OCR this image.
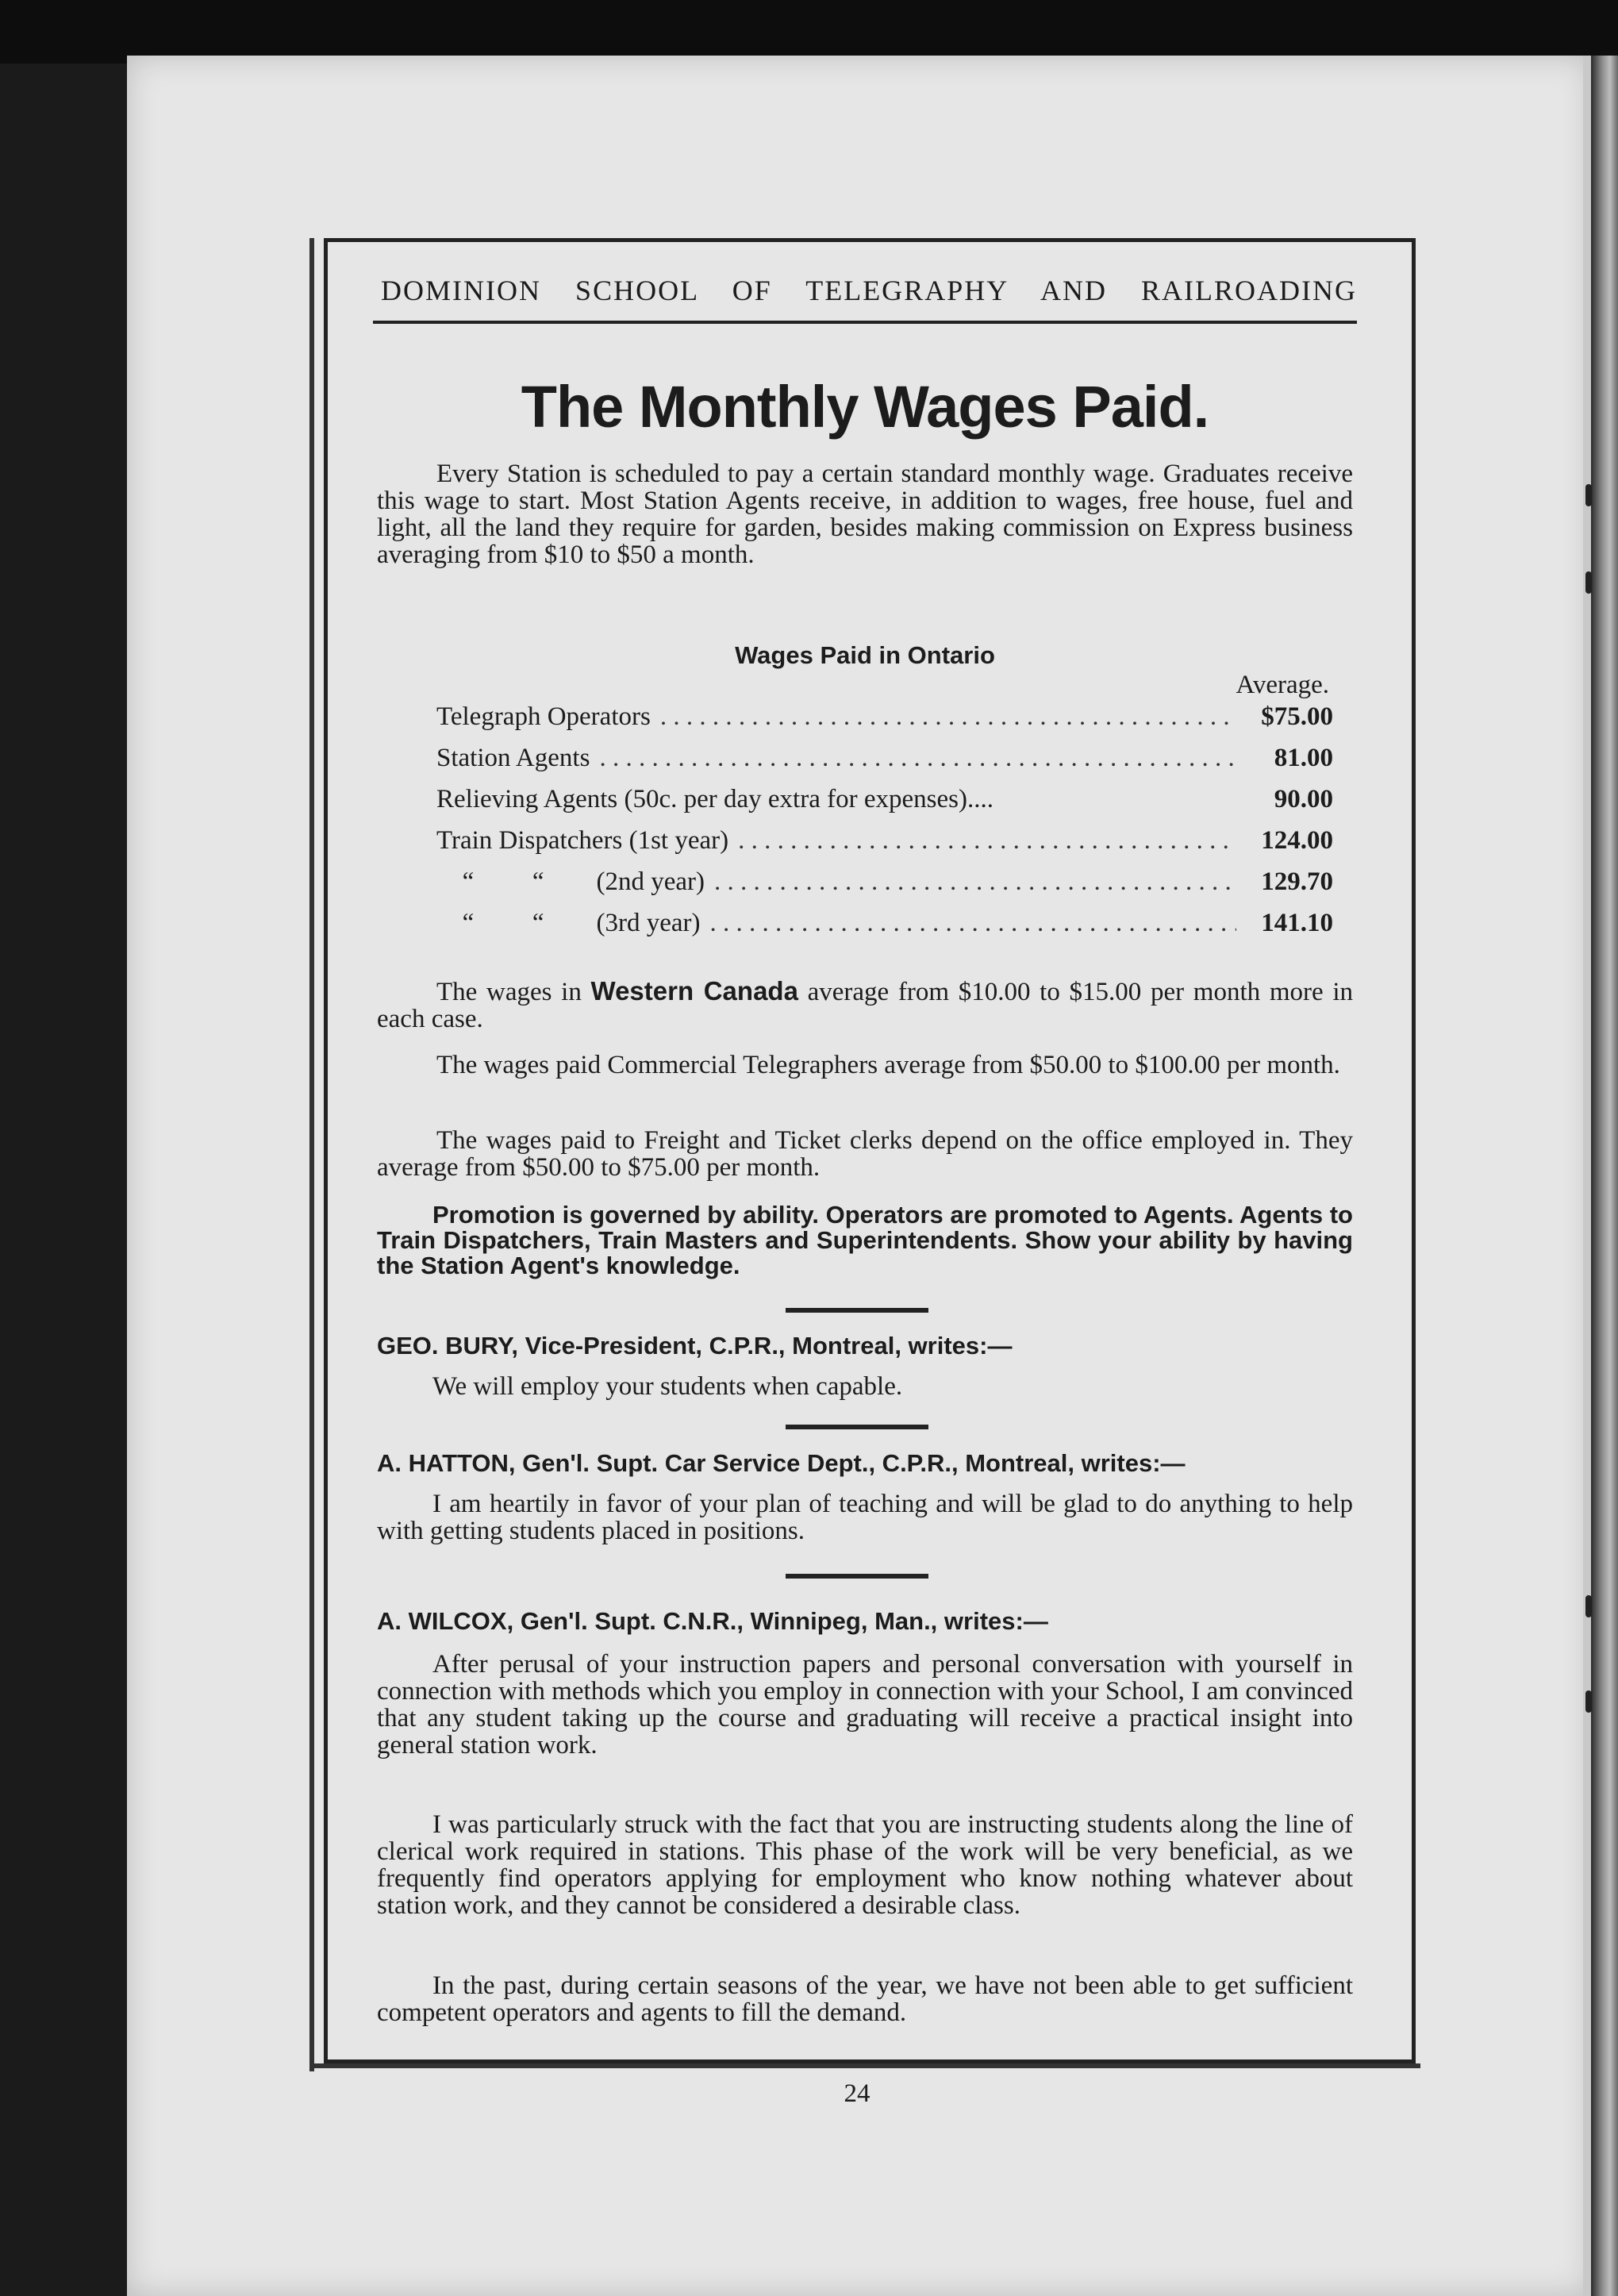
DOMINION SCHOOL OF TELEGRAPHY AND RAILROADING
The Monthly Wages Paid.
Every Station is scheduled to pay a certain standard monthly wage. Graduates receive this wage to start. Most Station Agents receive, in addition to wages, free house, fuel and light, all the land they require for garden, besides making commission on Express business averaging from $10 to $50 a month.
Wages Paid in Ontario
Average.
Telegraph Operators . . .	$75.00
Station Agents . . .	81.00
Relieving Agents (50c. per day extra for expenses)....	90.00
Train Dispatchers (1st year) . . .	124.00
“ “ (2nd year) . . .	129.70
“ “ (3rd year) . . .	141.10
The wages in Western Canada average from $10.00 to $15.00 per month more in each case.
The wages paid Commercial Telegraphers average from $50.00 to $100.00 per month.
The wages paid to Freight and Ticket clerks depend on the office employed in. They average from $50.00 to $75.00 per month.
Promotion is governed by ability. Operators are promoted to Agents. Agents to Train Dispatchers, Train Masters and Superintendents. Show your ability by having the Station Agent's knowledge.
GEO. BURY, Vice-President, C.P.R., Montreal, writes:—
We will employ your students when capable.
A. HATTON, Gen'l. Supt. Car Service Dept., C.P.R., Montreal, writes:—
I am heartily in favor of your plan of teaching and will be glad to do anything to help with getting students placed in positions.
A. WILCOX, Gen'l. Supt. C.N.R., Winnipeg, Man., writes:—
After perusal of your instruction papers and personal conversation with yourself in connection with methods which you employ in connection with your School, I am convinced that any student taking up the course and graduating will receive a practical insight into general station work.
I was particularly struck with the fact that you are instructing students along the line of clerical work required in stations. This phase of the work will be very beneficial, as we frequently find operators applying for employment who know nothing whatever about station work, and they cannot be considered a desirable class.
In the past, during certain seasons of the year, we have not been able to get sufficient competent operators and agents to fill the demand.
24
